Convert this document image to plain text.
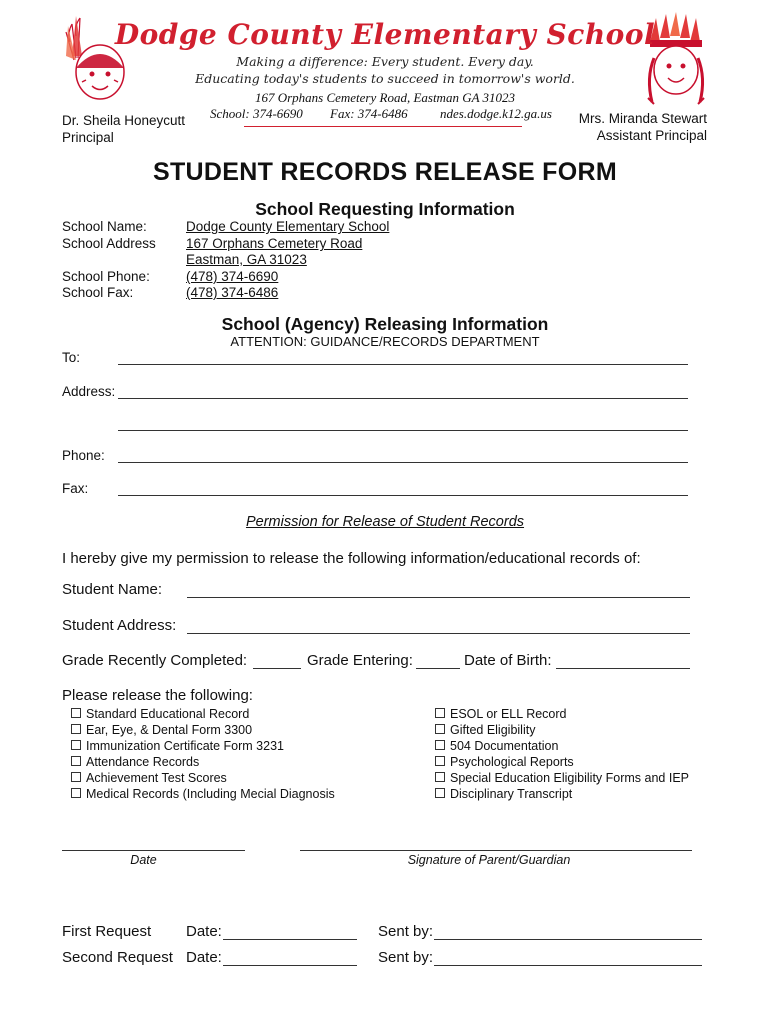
Dodge County Elementary School
Making a difference: Every student. Every day.
Educating today's students to succeed in tomorrow's world.
167 Orphans Cemetery Road, Eastman GA 31023
School: 374-6690 Fax: 374-6486 ndes.dodge.k12.ga.us
Dr. Sheila Honeycutt
Principal
Mrs. Miranda Stewart
Assistant Principal
STUDENT RECORDS RELEASE FORM
School Requesting Information
School Name:	Dodge County Elementary School
School Address 167 Orphans Cemetery Road
Eastman, GA 31023
School Phone:	(478) 374-6690
School Fax:	(478) 374-6486
School (Agency) Releasing Information
ATTENTION: GUIDANCE/RECORDS DEPARTMENT
To:
Address:
Phone:
Fax:
Permission for Release of Student Records
I hereby give my permission to release the following information/educational records of:
Student Name:
Student Address:
Grade Recently Completed:	Grade Entering:	Date of Birth:
Please release the following:
Standard Educational Record
Ear, Eye, & Dental Form 3300
Immunization Certificate Form 3231
Attendance Records
Achievement Test Scores
Medical Records (Including Mecial Diagnosis
ESOL or ELL Record
Gifted Eligibility
504 Documentation
Psychological Reports
Special Education Eligibility Forms and IEP
Disciplinary Transcript
Date	Signature of Parent/Guardian
First Request Date:	Sent by:
Second Request Date:	Sent by:
